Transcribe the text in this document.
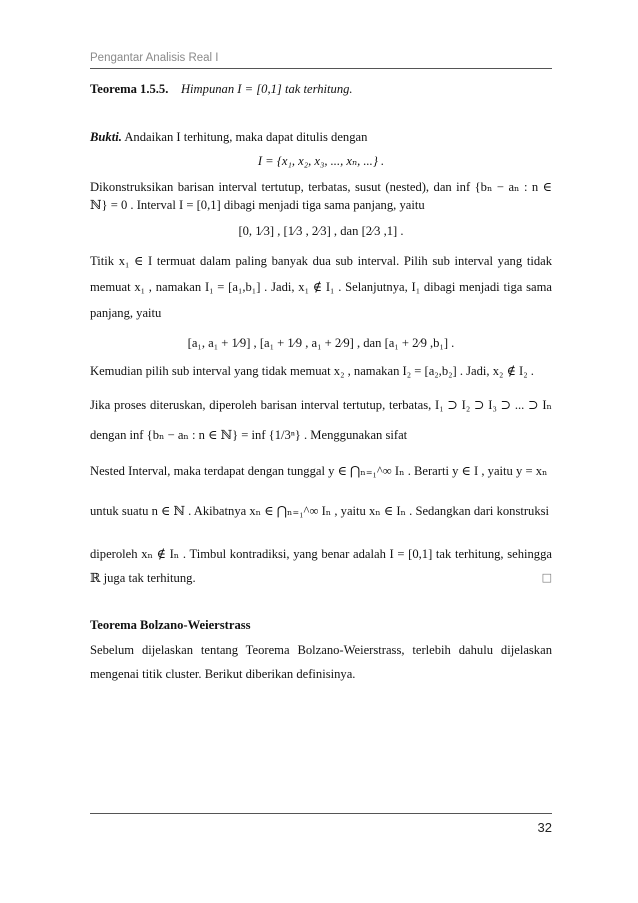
Pengantar Analisis Real I

Teorema 1.5.5. Himpunan I = [0,1] tak terhitung.

Bukti. Andaikan I terhitung, maka dapat ditulis dengan

I = {x₁, x₂, x₃, ..., xₙ, ...} .

Dikonstruksikan barisan interval tertutup, terbatas, susut (nested), dan inf {bₙ − aₙ : n ∈ ℕ} = 0 . Interval I = [0,1] dibagi menjadi tiga sama panjang, yaitu

[0, 1⁄3] , [1⁄3 , 2⁄3] , dan [2⁄3 ,1] .

Titik x₁ ∈ I termuat dalam paling banyak dua sub interval. Pilih sub interval yang tidak memuat x₁ , namakan I₁ = [a₁,b₁] . Jadi, x₁ ∉ I₁ . Selanjutnya, I₁ dibagi menjadi tiga sama panjang, yaitu

[a₁, a₁ + 1⁄9] , [a₁ + 1⁄9 , a₁ + 2⁄9] , dan [a₁ + 2⁄9 ,b₁] .

Kemudian pilih sub interval yang tidak memuat x₂ , namakan I₂ = [a₂,b₂] . Jadi, x₂ ∉ I₂ .

Jika proses diteruskan, diperoleh barisan interval tertutup, terbatas, I₁ ⊃ I₂ ⊃ I₃ ⊃ ... ⊃ Iₙ dengan inf {bₙ − aₙ : n ∈ ℕ} = inf {1/3ⁿ} . Menggunakan sifat

Nested Interval, maka terdapat dengan tunggal y ∈ ⋂ₙ₌₁^∞ Iₙ . Berarti y ∈ I , yaitu y = xₙ

untuk suatu n ∈ ℕ . Akibatnya xₙ ∈ ⋂ₙ₌₁^∞ Iₙ , yaitu xₙ ∈ Iₙ . Sedangkan dari konstruksi

diperoleh xₙ ∉ Iₙ . Timbul kontradiksi, yang benar adalah I = [0,1] tak terhitung, sehingga ℝ juga tak terhitung.	□

Teorema Bolzano-Weierstrass

Sebelum dijelaskan tentang Teorema Bolzano-Weierstrass, terlebih dahulu dijelaskan mengenai titik cluster. Berikut diberikan definisinya.

32
